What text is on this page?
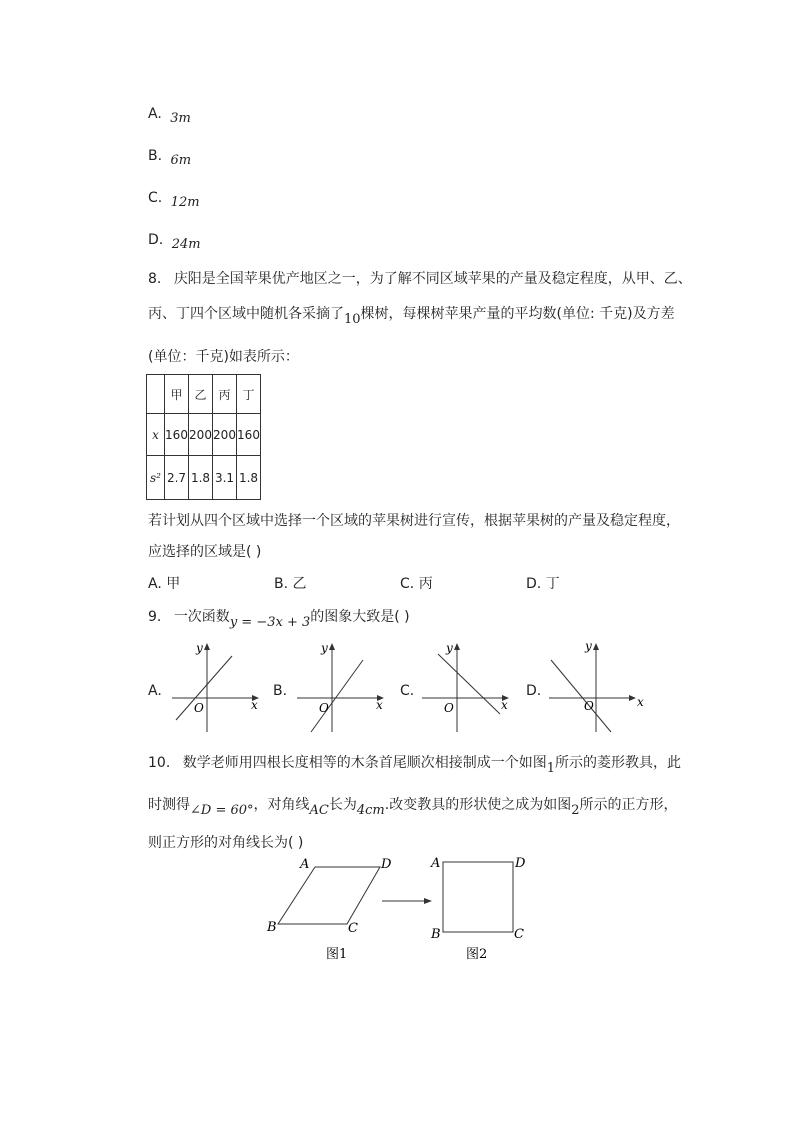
A. 3m
B. 6m
C. 12m
D. 24m
8. 庆阳是全国苹果优产地区之一，为了解不同区域苹果的产量及稳定程度，从甲、乙、
丙、丁四个区域中随机各采摘了10棵树，每棵树苹果产量的平均数(单位: 千克)及方差
(单位：千克)如表所示：
	甲	乙	丙	丁
x	160	200	200	160
s²	2.7	1.8	3.1	1.8
若计划从四个区域中选择一个区域的苹果树进行宣传，根据苹果树的产量及稳定程度，
应选择的区域是( )
A. 甲	B. 乙	C. 丙	D. 丁
9. 一次函数y = −3x + 3的图象大致是( )
A.
O	x
y
B.
O	x
y
C.
O	x
y
D.
O	x
y
10. 数学老师用四根长度相等的木条首尾顺次相接制成一个如图1所示的菱形教具，此
时测得∠D = 60°，对角线AC长为4cm.改变教具的形状使之成为如图2所示的正方形，
则正方形的对角线长为( )
A	D
B	C
图1
A	D
B	C
图2
